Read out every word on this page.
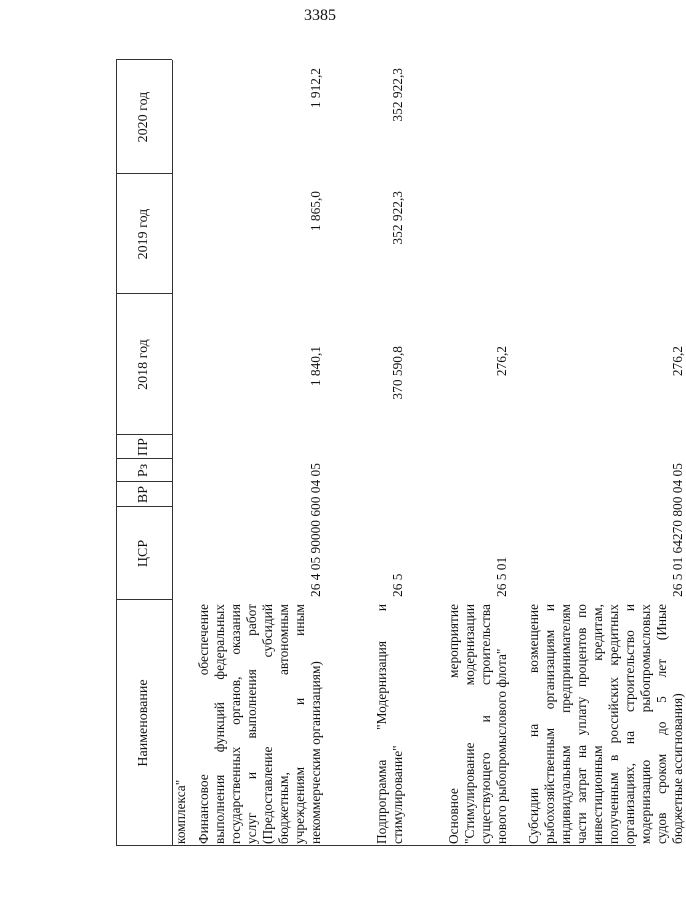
3385
Наименование
ЦСР
ВР
Рз
ПР
2018 год
2019 год
2020 год
комплекса" Финансовое обеспечение выполнения функций федеральных государственных органов, оказания услуг и выполнения работ (Предоставление субсидий бюджетным, автономным учреждениям и иным некоммерческим организациям)
26 4 05 90000 600 04 05
1 840,1
1 865,0
1 912,2
Подпрограмма "Модернизация и стимулирование"
26 5
370 590,8
352 922,3
352 922,3
Основное мероприятие "Стимулирование модернизации существующего и строительства нового рыбопромыслового флота"
26 5 01
276,2
Субсидии на возмещение рыбохозяйственным организациям и индивидуальным предпринимателям части затрат на уплату процентов по инвестиционным кредитам, полученным в российских кредитных организациях, на строительство и модернизацию рыбопромысловых судов сроком до 5 лет (Иные бюджетные ассигнования)
26 5 01 64270 800 04 05
276,2
